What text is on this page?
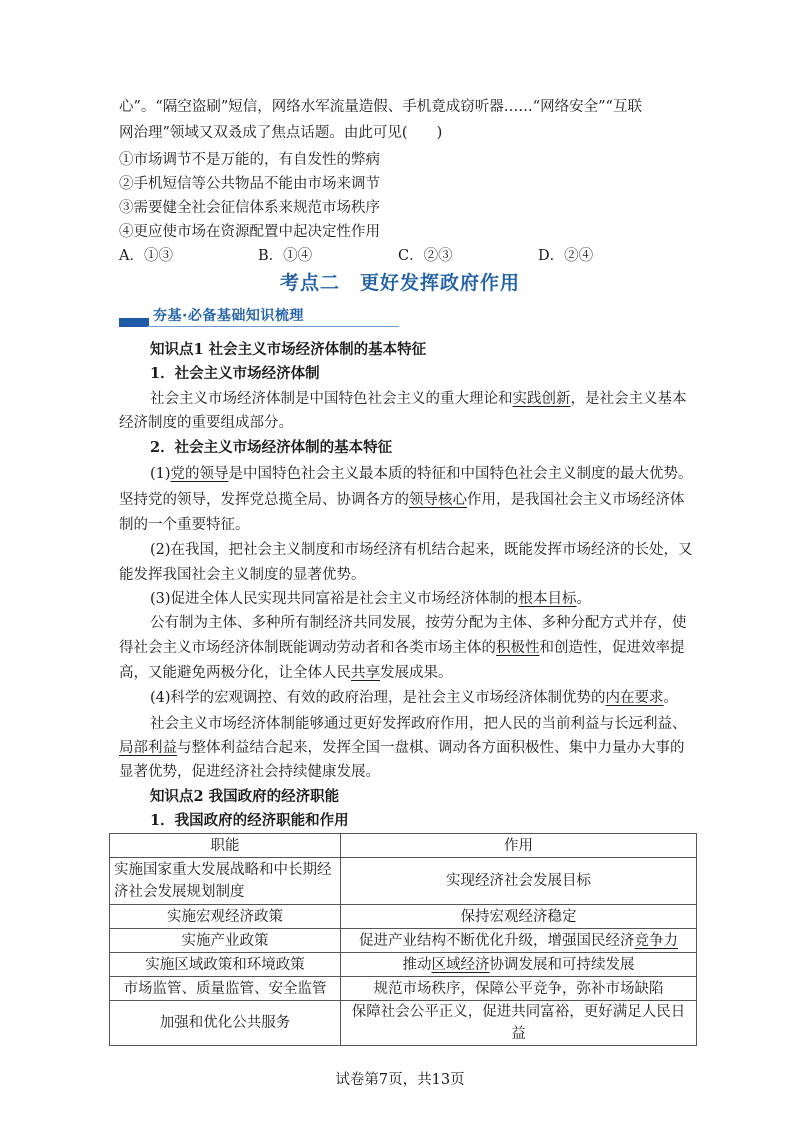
心”。“隔空盗刷”短信，网络水军流量造假、手机竟成窃听器……“网络安全”“互联
网治理”领域又双叒成了焦点话题。由此可见(　　)
①市场调节不是万能的，有自发性的弊病
②手机短信等公共物品不能由市场来调节
③需要健全社会征信体系来规范市场秩序
④更应使市场在资源配置中起决定性作用
A．①③	B．①④	C．②③	D．②④
考点二　更好发挥政府作用
夯基·必备基础知识梳理
知识点1 社会主义市场经济体制的基本特征
1．社会主义市场经济体制
社会主义市场经济体制是中国特色社会主义的重大理论和实践创新，是社会主义基本
经济制度的重要组成部分。
2．社会主义市场经济体制的基本特征
(1)党的领导是中国特色社会主义最本质的特征和中国特色社会主义制度的最大优势。
坚持党的领导，发挥党总揽全局、协调各方的领导核心作用，是我国社会主义市场经济体
制的一个重要特征。
(2)在我国，把社会主义制度和市场经济有机结合起来，既能发挥市场经济的长处，又
能发挥我国社会主义制度的显著优势。
(3)促进全体人民实现共同富裕是社会主义市场经济体制的根本目标。
公有制为主体、多种所有制经济共同发展，按劳分配为主体、多种分配方式并存，使
得社会主义市场经济体制既能调动劳动者和各类市场主体的积极性和创造性，促进效率提
高，又能避免两极分化，让全体人民共享发展成果。
(4)科学的宏观调控、有效的政府治理，是社会主义市场经济体制优势的内在要求。
社会主义市场经济体制能够通过更好发挥政府作用，把人民的当前利益与长远利益、
局部利益与整体利益结合起来，发挥全国一盘棋、调动各方面积极性、集中力量办大事的
显著优势，促进经济社会持续健康发展。
知识点2 我国政府的经济职能
1．我国政府的经济职能和作用
职能	作用
实施国家重大发展战略和中长期经
济社会发展规划制度	实现经济社会发展目标
实施宏观经济政策	保持宏观经济稳定
实施产业政策	促进产业结构不断优化升级，增强国民经济竞争力
实施区域政策和环境政策	推动区域经济协调发展和可持续发展
市场监管、质量监管、安全监管	规范市场秩序，保障公平竞争，弥补市场缺陷
加强和优化公共服务	保障社会公平正义，促进共同富裕，更好满足人民日益
试卷第7页，共13页
